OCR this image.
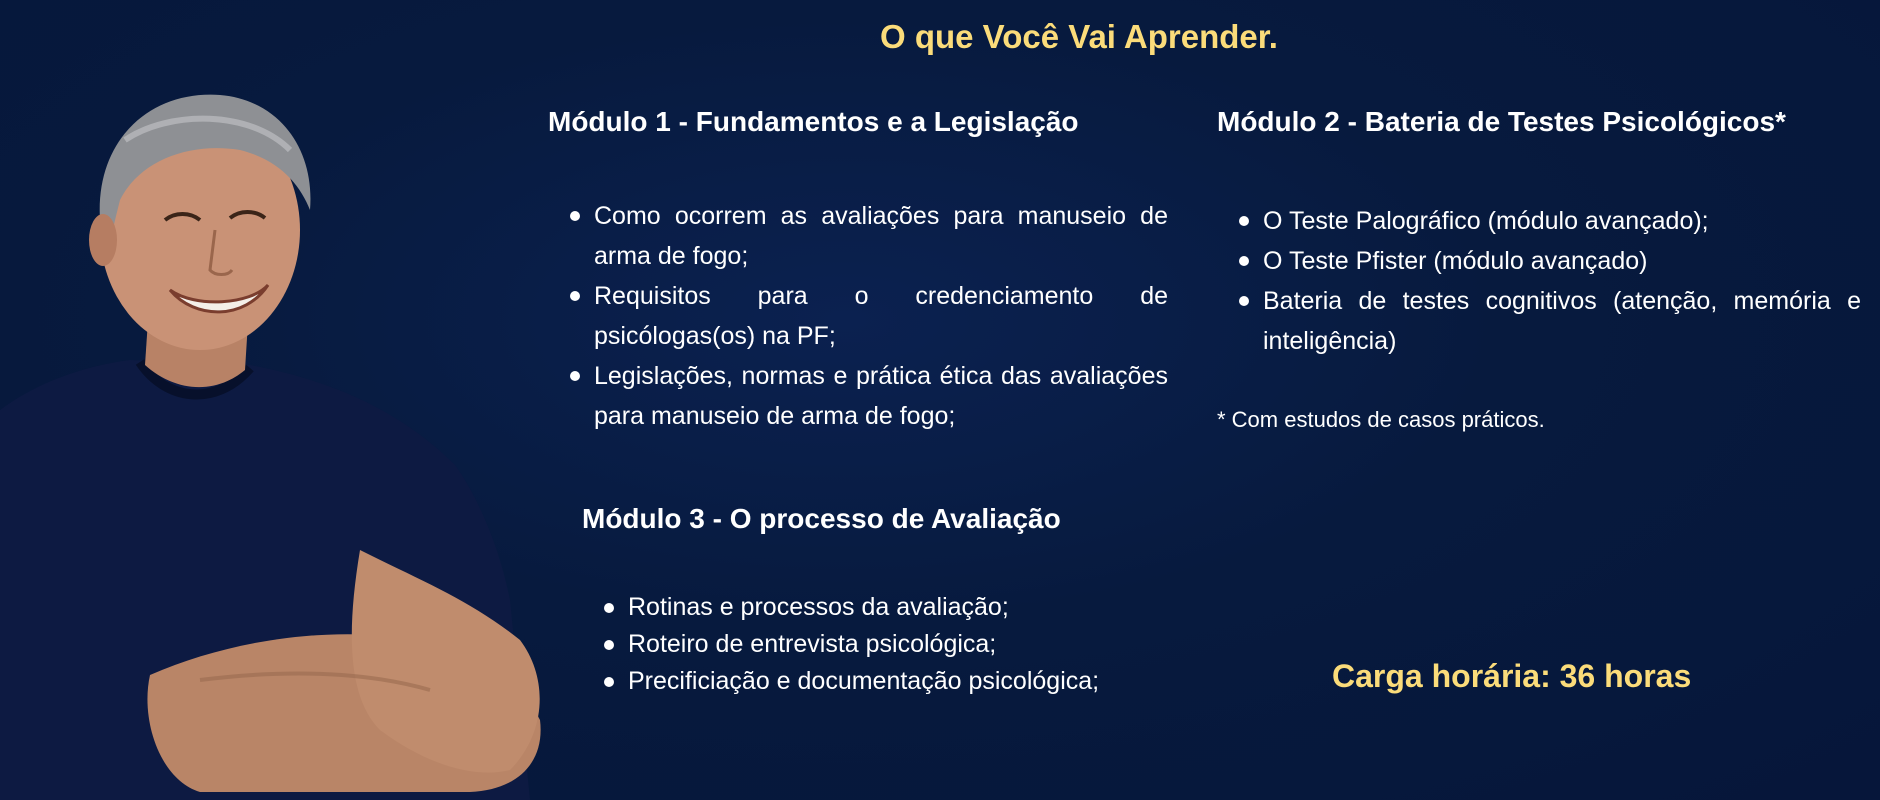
O que Você Vai Aprender.
Módulo 1 - Fundamentos e a Legislação
Como ocorrem as avaliações para manuseio de arma de fogo;
Requisitos para o credenciamento de psicólogas(os) na PF;
Legislações, normas e prática ética das avaliações para manuseio de arma de fogo;
Módulo 2 - Bateria de Testes Psicológicos*
O Teste Palográfico (módulo avançado);
O Teste Pfister (módulo avançado)
Bateria de testes cognitivos (atenção, memória e inteligência)
* Com estudos de casos práticos.
Módulo 3 - O processo de Avaliação
Rotinas e processos da avaliação;
Roteiro de entrevista psicológica;
Precificiação e documentação psicológica;	Carga horária: 36 horas
